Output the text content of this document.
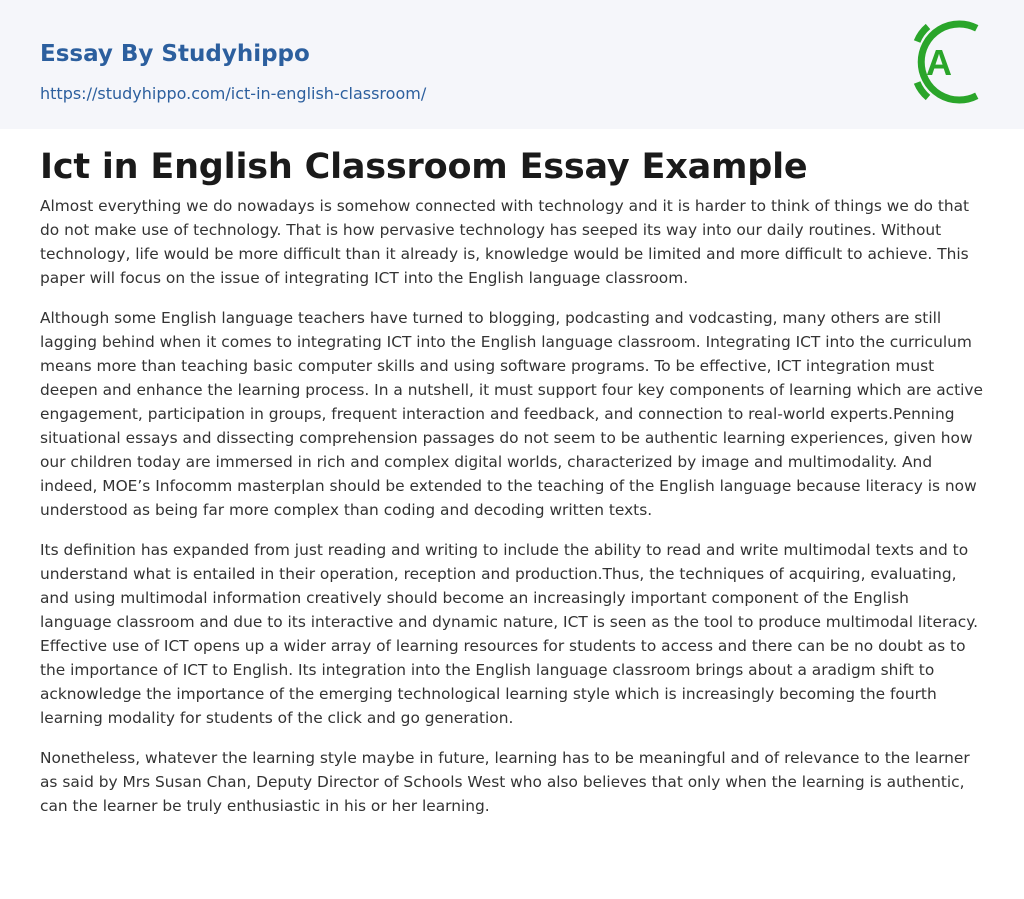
Essay By Studyhippo
https://studyhippo.com/ict-in-english-classroom/
A
Ict in English Classroom Essay Example

Almost everything we do nowadays is somehow connected with technology and it is harder to think of things we do that do not make use of technology. That is how pervasive technology has seeped its way into our daily routines. Without technology, life would be more difficult than it already is, knowledge would be limited and more difficult to achieve. This paper will focus on the issue of integrating ICT into the English language classroom.

Although some English language teachers have turned to blogging, podcasting and vodcasting, many others are still lagging behind when it comes to integrating ICT into the English language classroom. Integrating ICT into the curriculum means more than teaching basic computer skills and using software programs. To be effective, ICT integration must deepen and enhance the learning process. In a nutshell, it must support four key components of learning which are active engagement, participation in groups, frequent interaction and feedback, and connection to real-world experts.Penning situational essays and dissecting comprehension passages do not seem to be authentic learning experiences, given how our children today are immersed in rich and complex digital worlds, characterized by image and multimodality. And indeed, MOE’s Infocomm masterplan should be extended to the teaching of the English language because literacy is now understood as being far more complex than coding and decoding written texts.

Its definition has expanded from just reading and writing to include the ability to read and write multimodal texts and to understand what is entailed in their operation, reception and production.Thus, the techniques of acquiring, evaluating, and using multimodal information creatively should become an increasingly important component of the English language classroom and due to its interactive and dynamic nature, ICT is seen as the tool to produce multimodal literacy. Effective use of ICT opens up a wider array of learning resources for students to access and there can be no doubt as to the importance of ICT to English. Its integration into the English language classroom brings about a aradigm shift to acknowledge the importance of the emerging technological learning style which is increasingly becoming the fourth learning modality for students of the click and go generation.

Nonetheless, whatever the learning style maybe in future, learning has to be meaningful and of relevance to the learner as said by Mrs Susan Chan, Deputy Director of Schools West who also believes that only when the learning is authentic, can the learner be truly enthusiastic in his or her learning.
